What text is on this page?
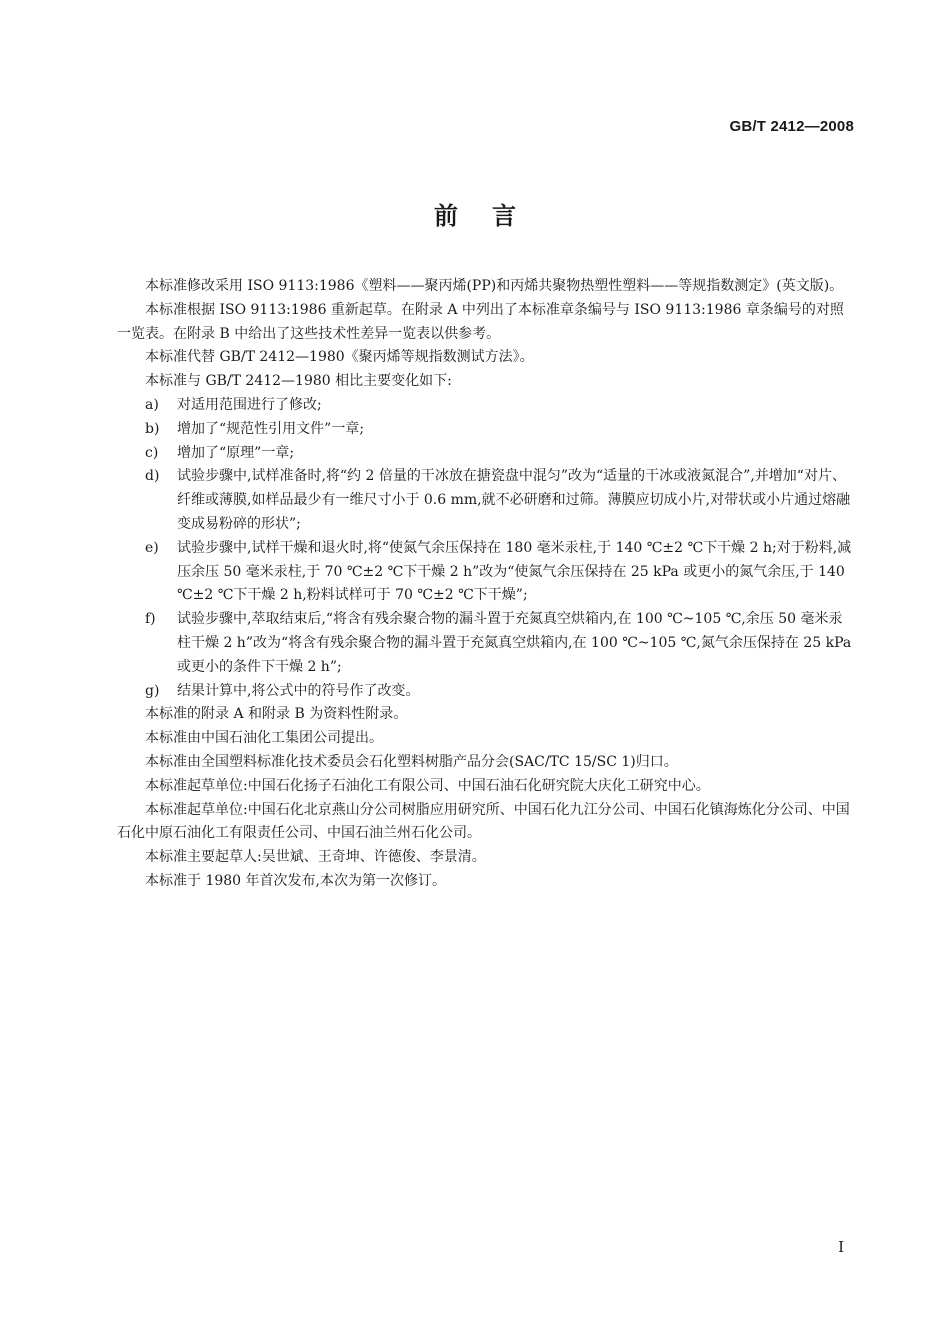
GB/T 2412—2008
前言

本标准修改采用 ISO 9113:1986《塑料——聚丙烯(PP)和丙烯共聚物热塑性塑料——等规指数测定》(英文版)。

本标准根据 ISO 9113:1986 重新起草。在附录 A 中列出了本标准章条编号与 ISO 9113:1986 章条编号的对照一览表。在附录 B 中给出了这些技术性差异一览表以供参考。

本标准代替 GB/T 2412—1980《聚丙烯等规指数测试方法》。

本标准与 GB/T 2412—1980 相比主要变化如下:

a)	对适用范围进行了修改;
b)	增加了“规范性引用文件”一章;
c)	增加了“原理”一章;
d)	试验步骤中,试样准备时,将“约 2 倍量的干冰放在搪瓷盘中混匀”改为“适量的干冰或液氮混合”,并增加“对片、纤维或薄膜,如样品最少有一维尺寸小于 0.6 mm,就不必研磨和过筛。薄膜应切成小片,对带状或小片通过熔融变成易粉碎的形状”;
e)	试验步骤中,试样干燥和退火时,将“使氮气余压保持在 180 毫米汞柱,于 140 ℃±2 ℃下干燥 2 h;对于粉料,减压余压 50 毫米汞柱,于 70 ℃±2 ℃下干燥 2 h”改为“使氮气余压保持在 25 kPa 或更小的氮气余压,于 140 ℃±2 ℃下干燥 2 h,粉料试样可于 70 ℃±2 ℃下干燥”;
f)	试验步骤中,萃取结束后,“将含有残余聚合物的漏斗置于充氮真空烘箱内,在 100 ℃~105 ℃,余压 50 毫米汞柱干燥 2 h”改为“将含有残余聚合物的漏斗置于充氮真空烘箱内,在 100 ℃~105 ℃,氮气余压保持在 25 kPa 或更小的条件下干燥 2 h”;
g)	结果计算中,将公式中的符号作了改变。

本标准的附录 A 和附录 B 为资料性附录。

本标准由中国石油化工集团公司提出。

本标准由全国塑料标准化技术委员会石化塑料树脂产品分会(SAC/TC 15/SC 1)归口。

本标准起草单位:中国石化扬子石油化工有限公司、中国石油石化研究院大庆化工研究中心。

本标准起草单位:中国石化北京燕山分公司树脂应用研究所、中国石化九江分公司、中国石化镇海炼化分公司、中国石化中原石油化工有限责任公司、中国石油兰州石化公司。

本标准主要起草人:吴世斌、王奇坤、许德俊、李景清。

本标准于 1980 年首次发布,本次为第一次修订。

I
